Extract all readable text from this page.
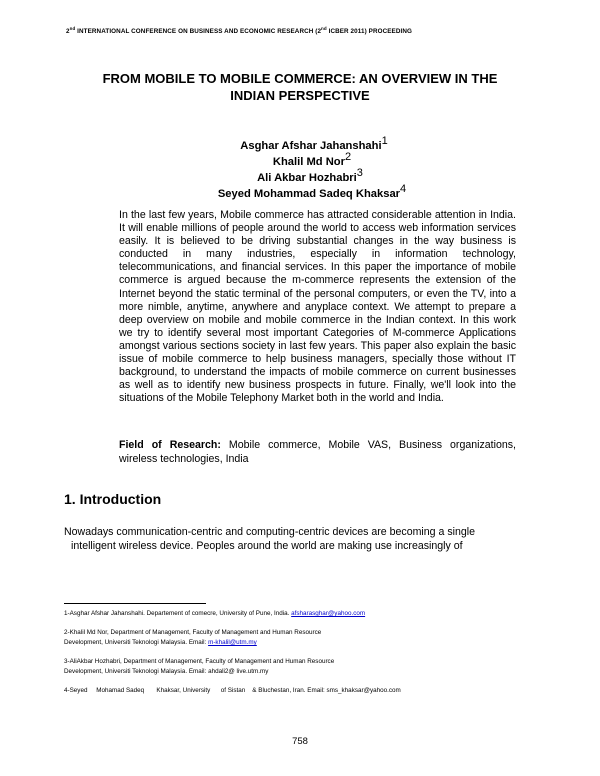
2nd INTERNATIONAL CONFERENCE ON BUSINESS AND ECONOMIC RESEARCH (2nd ICBER 2011) PROCEEDING
FROM MOBILE TO MOBILE COMMERCE: AN OVERVIEW IN THE
INDIAN PERSPECTIVE
Asghar Afshar Jahanshahi$^1$
Khalil Md Nor$^2$
Ali Akbar Hozhabri$^3$
Seyed Mohammad Sadeq Khaksar$^4$

In the last few years, Mobile commerce has attracted considerable attention in India. It will enable millions of people around the world to access web information services easily. It is believed to be driving substantial changes in the way business is conducted in many industries, especially in information technology, telecommunications, and financial services. In this paper the importance of mobile commerce is argued because the m-commerce represents the extension of the Internet beyond the static terminal of the personal computers, or even the TV, into a more nimble, anytime, anywhere and anyplace context. We attempt to prepare a deep overview on mobile and mobile commerce in the Indian context. In this work we try to identify several most important Categories of M-commerce Applications amongst various sections society in last few years. This paper also explain the basic issue of mobile commerce to help business managers, specially those without IT background, to understand the impacts of mobile commerce on current businesses as well as to identify new business prospects in future. Finally, we'll look into the situations of the Mobile Telephony Market both in the world and India.

Field of Research: Mobile commerce, Mobile VAS, Business organizations, wireless technologies, India

1. Introduction

Nowadays communication-centric and computing-centric devices are becoming a single
intelligent wireless device. Peoples around the world are making use increasingly of

1-Asghar Afshar Jahanshahi. Departement of comecre, University of Pune, India. afsharasghar@yahoo.com
2-Khalil Md Nor, Department of Management, Faculty of Management and Human Resource
Development, Universiti Teknologi Malaysia. Email: m-khalil@utm.my
3-AliAkbar Hozhabri, Department of Management, Faculty of Management and Human Resource
Development, Universiti Teknologi Malaysia. Email: ahdali2@ live.utm.my
4-Seyed     Mohamad Sadeq       Khaksar, University      of Sistan    & Bluchestan, Iran. Email: sms_khaksar@yahoo.com
758
